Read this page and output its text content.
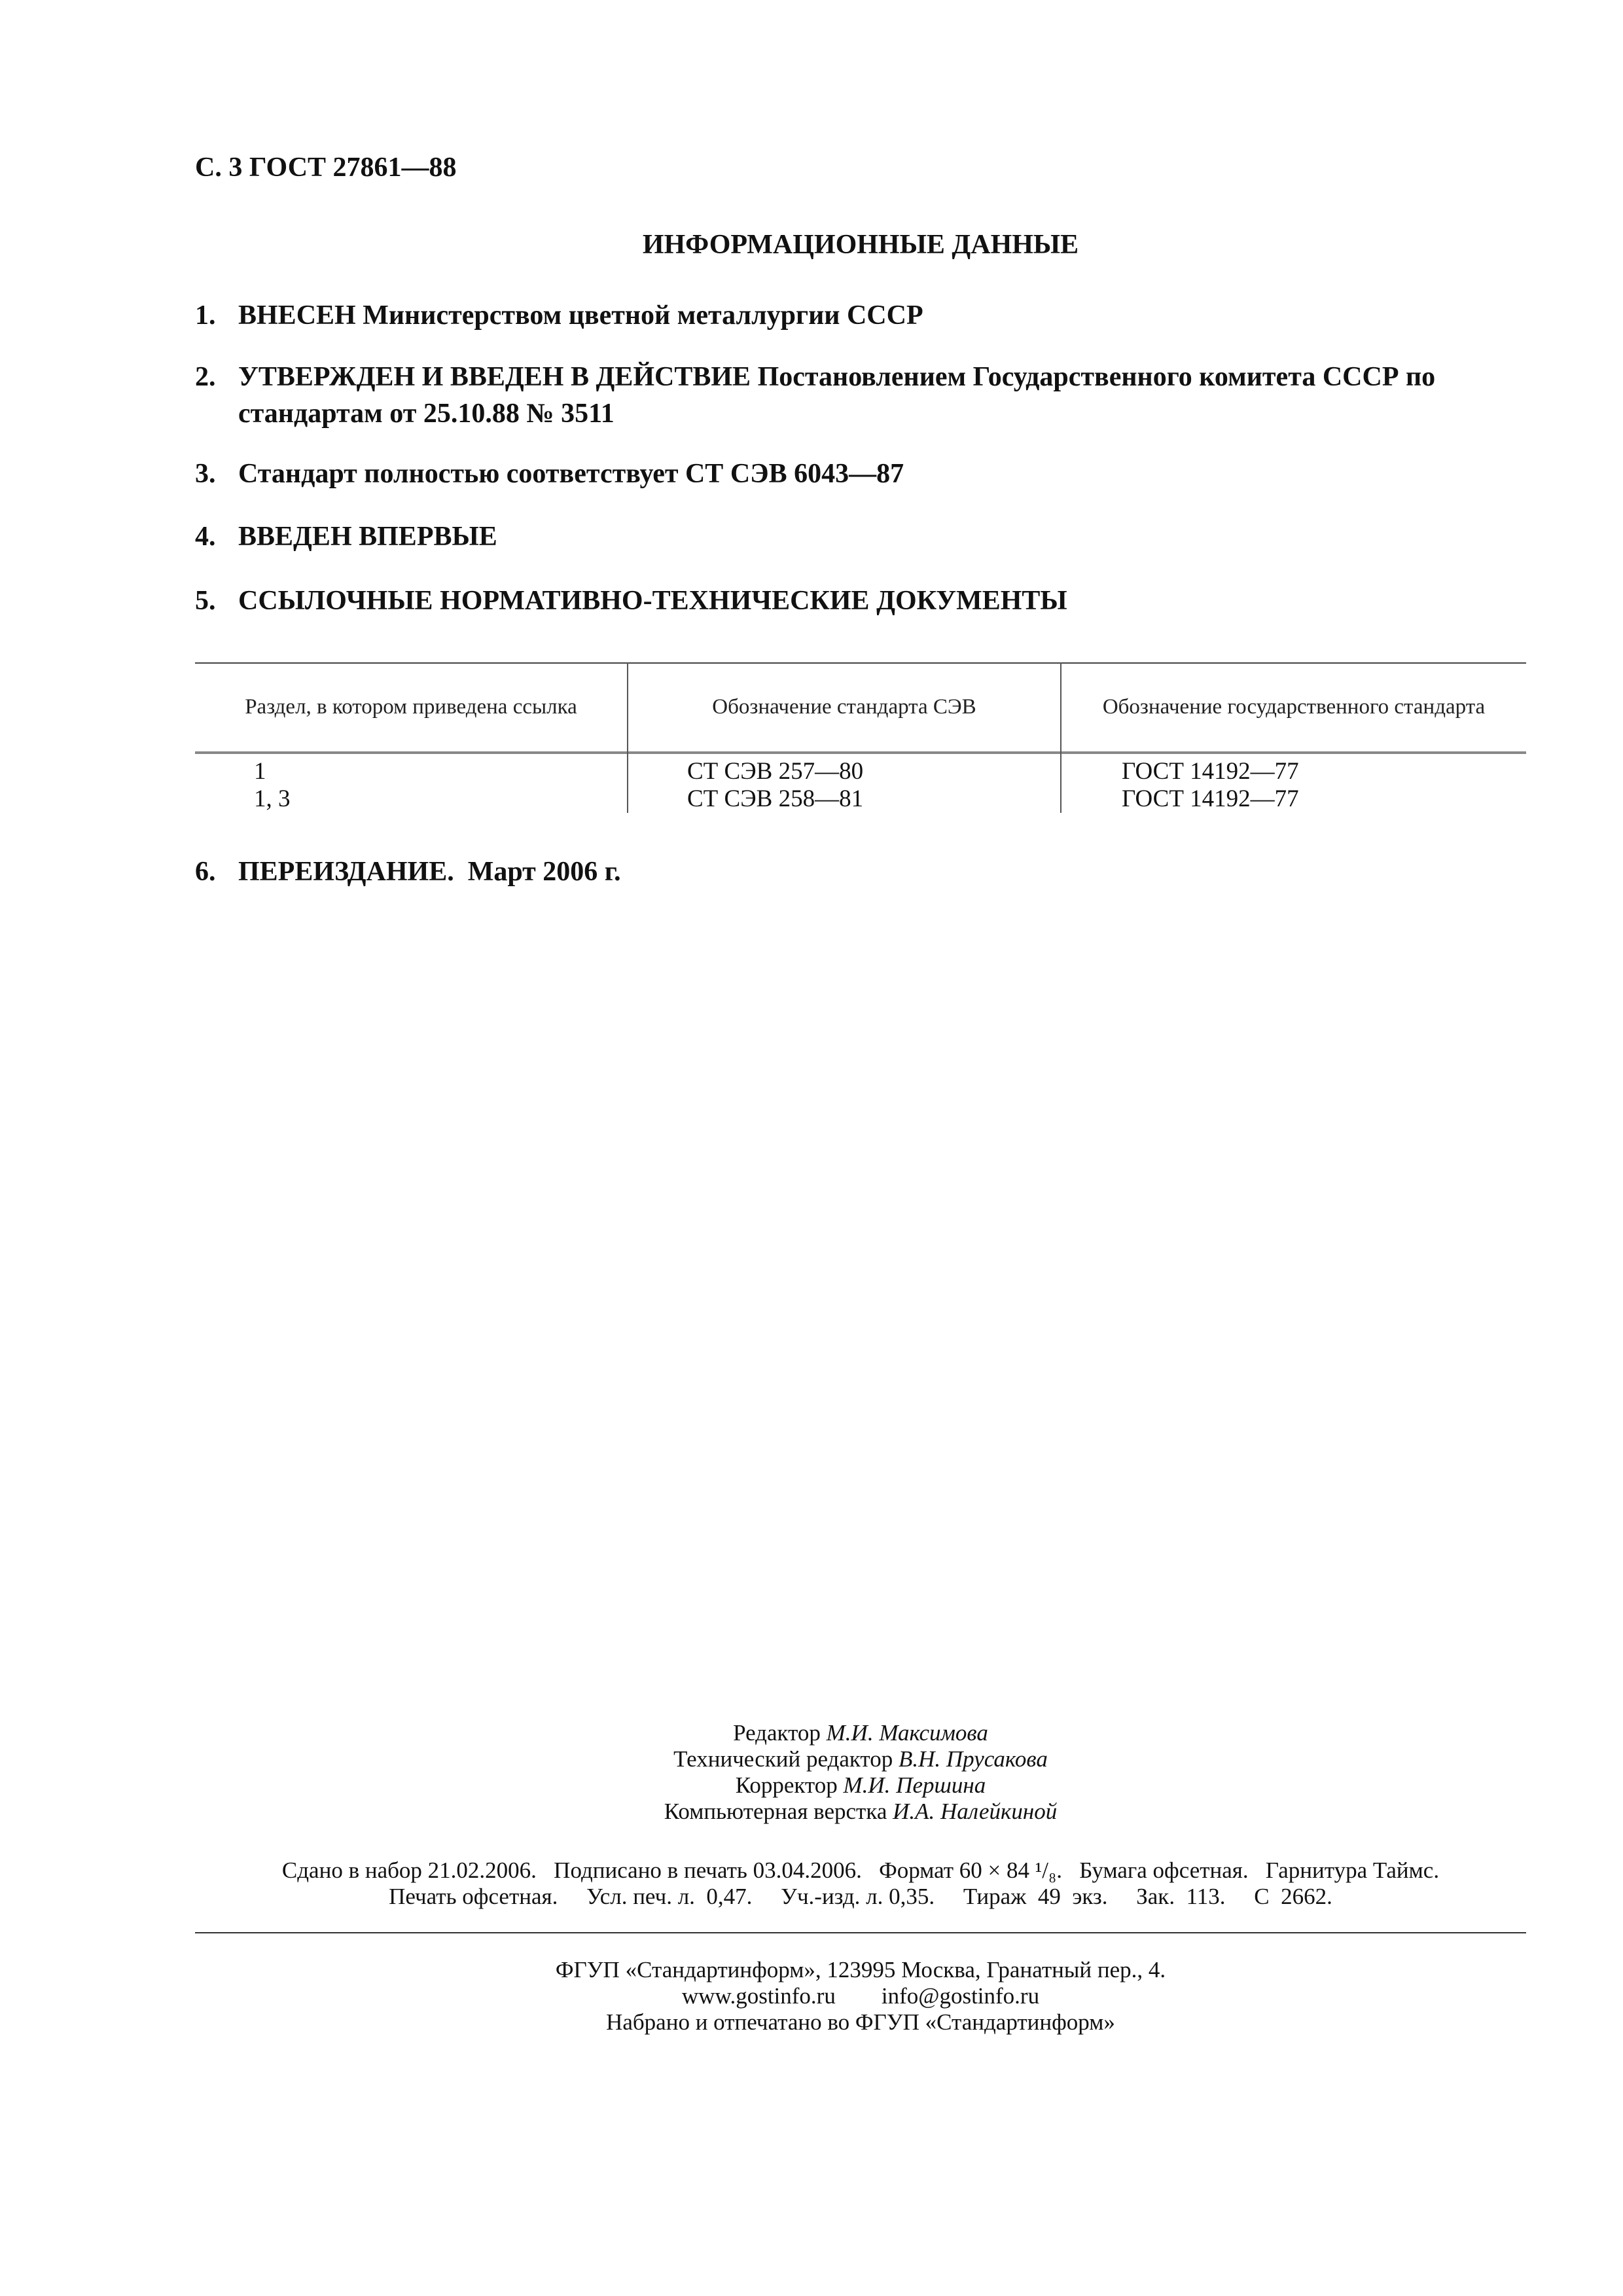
С. 3 ГОСТ 27861—88
ИНФОРМАЦИОННЫЕ ДАННЫЕ
1. ВНЕСЕН Министерством цветной металлургии СССР
2. УТВЕРЖДЕН И ВВЕДЕН В ДЕЙСТВИЕ Постановлением Государственного комитета СССР по стандартам от 25.10.88 № 3511
3. Стандарт полностью соответствует СТ СЭВ 6043—87
4. ВВЕДЕН ВПЕРВЫЕ
5. ССЫЛОЧНЫЕ НОРМАТИВНО-ТЕХНИЧЕСКИЕ ДОКУМЕНТЫ
Раздел, в котором приведена ссылка	Обозначение стандарта СЭВ	Обозначение государственного стандарта
1	СТ СЭВ 257—80	ГОСТ 14192—77
1, 3	СТ СЭВ 258—81	ГОСТ 14192—77
6. ПЕРЕИЗДАНИЕ.  Март 2006 г.
Редактор М.И. Максимова
Технический редактор В.Н. Прусакова
Корректор М.И. Першина
Компьютерная верстка И.А. Налейкиной
Сдано в набор 21.02.2006.   Подписано в печать 03.04.2006.   Формат 60 × 84 ¹/₈.   Бумага офсетная.   Гарнитура Таймс.
Печать офсетная.     Усл. печ. л.  0,47.     Уч.-изд. л. 0,35.     Тираж  49  экз.     Зак.  113.     С  2662.
ФГУП «Стандартинформ», 123995 Москва, Гранатный пер., 4.
www.gostinfo.ru info@gostinfo.ru
Набрано и отпечатано во ФГУП «Стандартинформ»
